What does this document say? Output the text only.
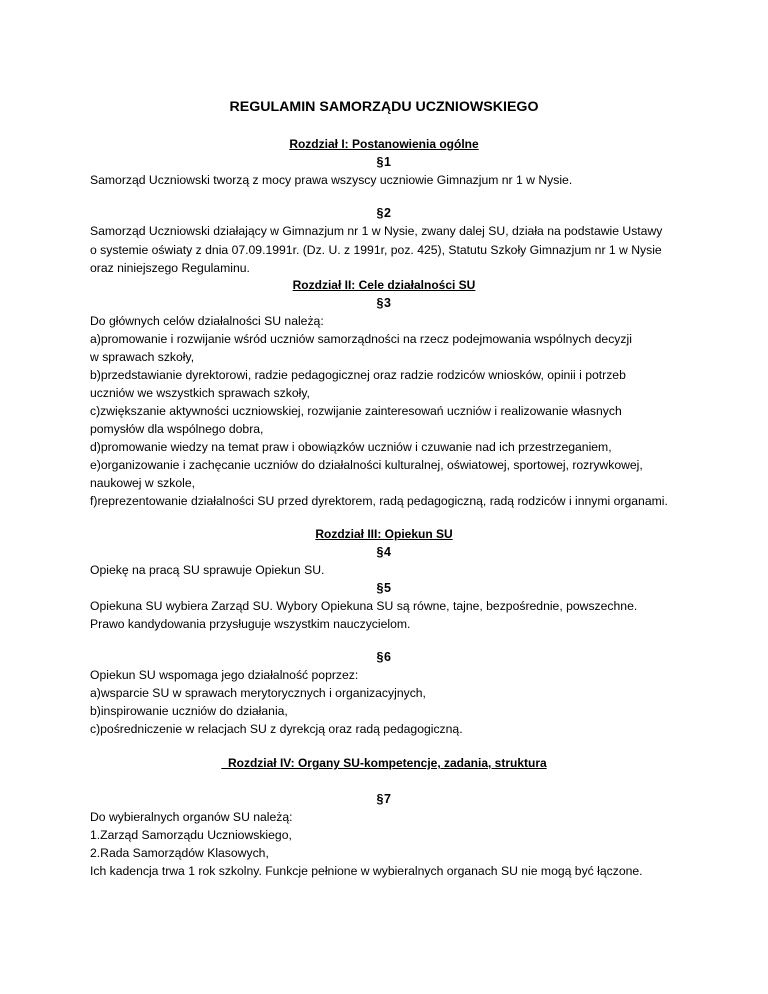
REGULAMIN SAMORZĄDU UCZNIOWSKIEGO
Rozdział I: Postanowienia ogólne
§1
Samorząd Uczniowski tworzą z mocy prawa wszyscy uczniowie Gimnazjum nr 1 w Nysie.
§2
Samorząd Uczniowski działający w Gimnazjum nr 1 w Nysie, zwany dalej SU, działa na podstawie Ustawy
o systemie oświaty z dnia 07.09.1991r. (Dz. U. z 1991r, poz. 425), Statutu Szkoły Gimnazjum nr 1 w Nysie
oraz niniejszego Regulaminu.
Rozdział II: Cele działalności SU
§3
Do głównych celów działalności SU należą:
a)promowanie i rozwijanie wśród uczniów samorządności na rzecz podejmowania wspólnych decyzji
w sprawach szkoły,
b)przedstawianie dyrektorowi, radzie pedagogicznej oraz radzie rodziców wniosków, opinii i potrzeb
uczniów we wszystkich sprawach szkoły,
c)zwiększanie aktywności uczniowskiej, rozwijanie zainteresowań uczniów i realizowanie własnych
pomysłów dla wspólnego dobra,
d)promowanie wiedzy na temat praw i obowiązków uczniów i czuwanie nad ich przestrzeganiem,
e)organizowanie i zachęcanie uczniów do działalności kulturalnej, oświatowej, sportowej, rozrywkowej,
naukowej w szkole,
f)reprezentowanie działalności SU przed dyrektorem, radą pedagogiczną, radą rodziców i innymi organami.
Rozdział III: Opiekun SU
§4
Opiekę na pracą SU sprawuje Opiekun SU.
§5
Opiekuna SU wybiera Zarząd SU. Wybory Opiekuna SU są równe, tajne, bezpośrednie, powszechne.
Prawo kandydowania przysługuje wszystkim nauczycielom.
§6
Opiekun SU wspomaga jego działalność poprzez:
a)wsparcie SU w sprawach merytorycznych i organizacyjnych,
b)inspirowanie uczniów do działania,
c)pośredniczenie w relacjach SU z dyrekcją oraz radą pedagogiczną.
Rozdział IV: Organy SU-kompetencje, zadania, struktura
§7
Do wybieralnych organów SU należą:
1.Zarząd Samorządu Uczniowskiego,
2.Rada Samorządów Klasowych,
Ich kadencja trwa 1 rok szkolny. Funkcje pełnione w wybieralnych organach SU nie mogą być łączone.
